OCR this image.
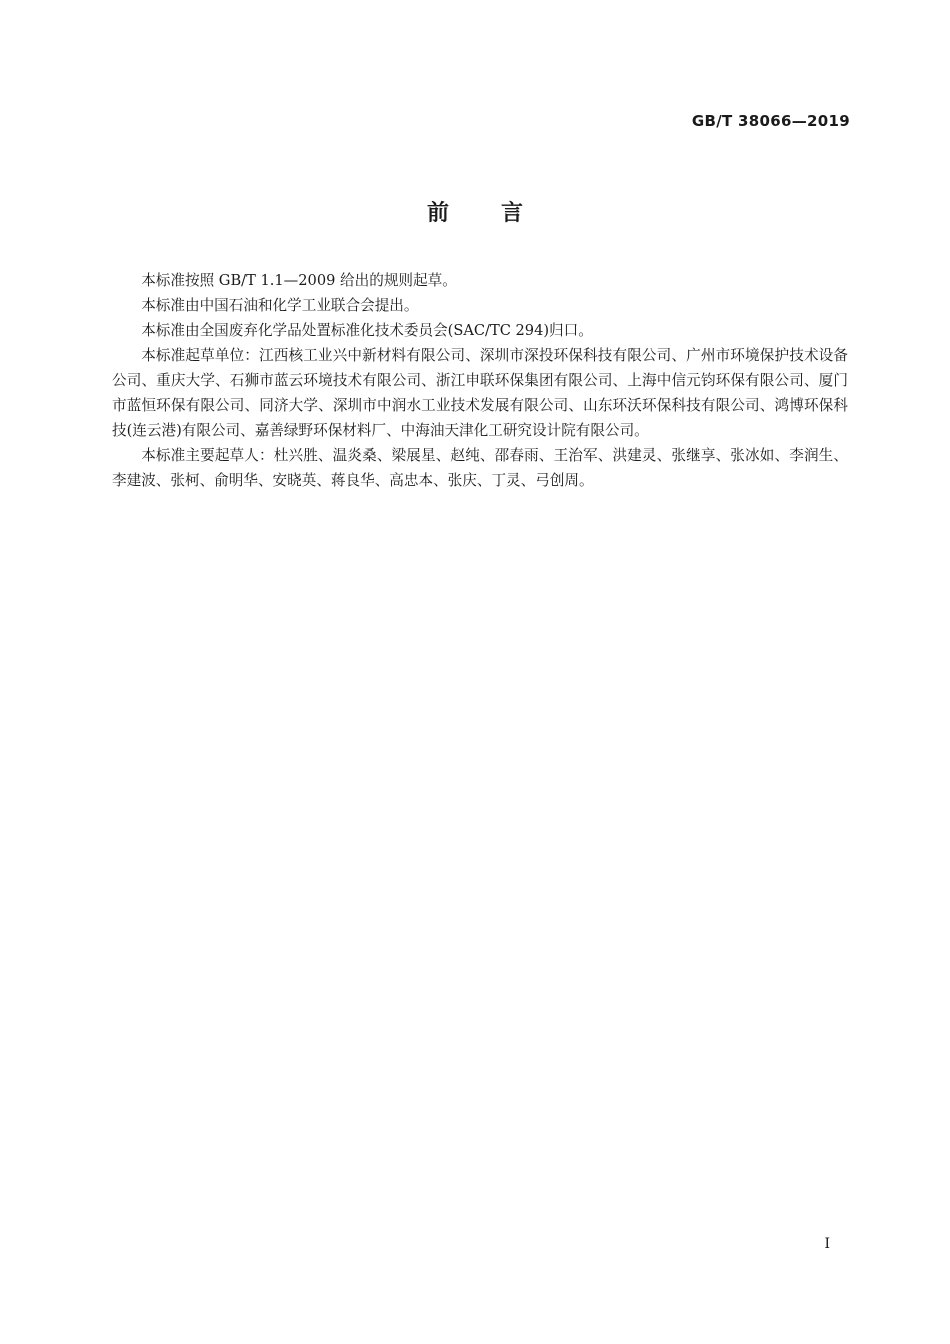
GB/T 38066—2019
前言

本标准按照 GB/T 1.1—2009 给出的规则起草。

本标准由中国石油和化学工业联合会提出。

本标准由全国废弃化学品处置标准化技术委员会(SAC/TC 294)归口。

本标准起草单位：江西核工业兴中新材料有限公司、深圳市深投环保科技有限公司、广州市环境保护技术设备公司、重庆大学、石狮市蓝云环境技术有限公司、浙江申联环保集团有限公司、上海中信元钧环保有限公司、厦门市蓝恒环保有限公司、同济大学、深圳市中润水工业技术发展有限公司、山东环沃环保科技有限公司、鸿博环保科技(连云港)有限公司、嘉善绿野环保材料厂、中海油天津化工研究设计院有限公司。

本标准主要起草人：杜兴胜、温炎桑、梁展星、赵纯、邵春雨、王治军、洪建灵、张继享、张冰如、李润生、李建波、张柯、俞明华、安晓英、蒋良华、高忠本、张庆、丁灵、弓创周。

I
